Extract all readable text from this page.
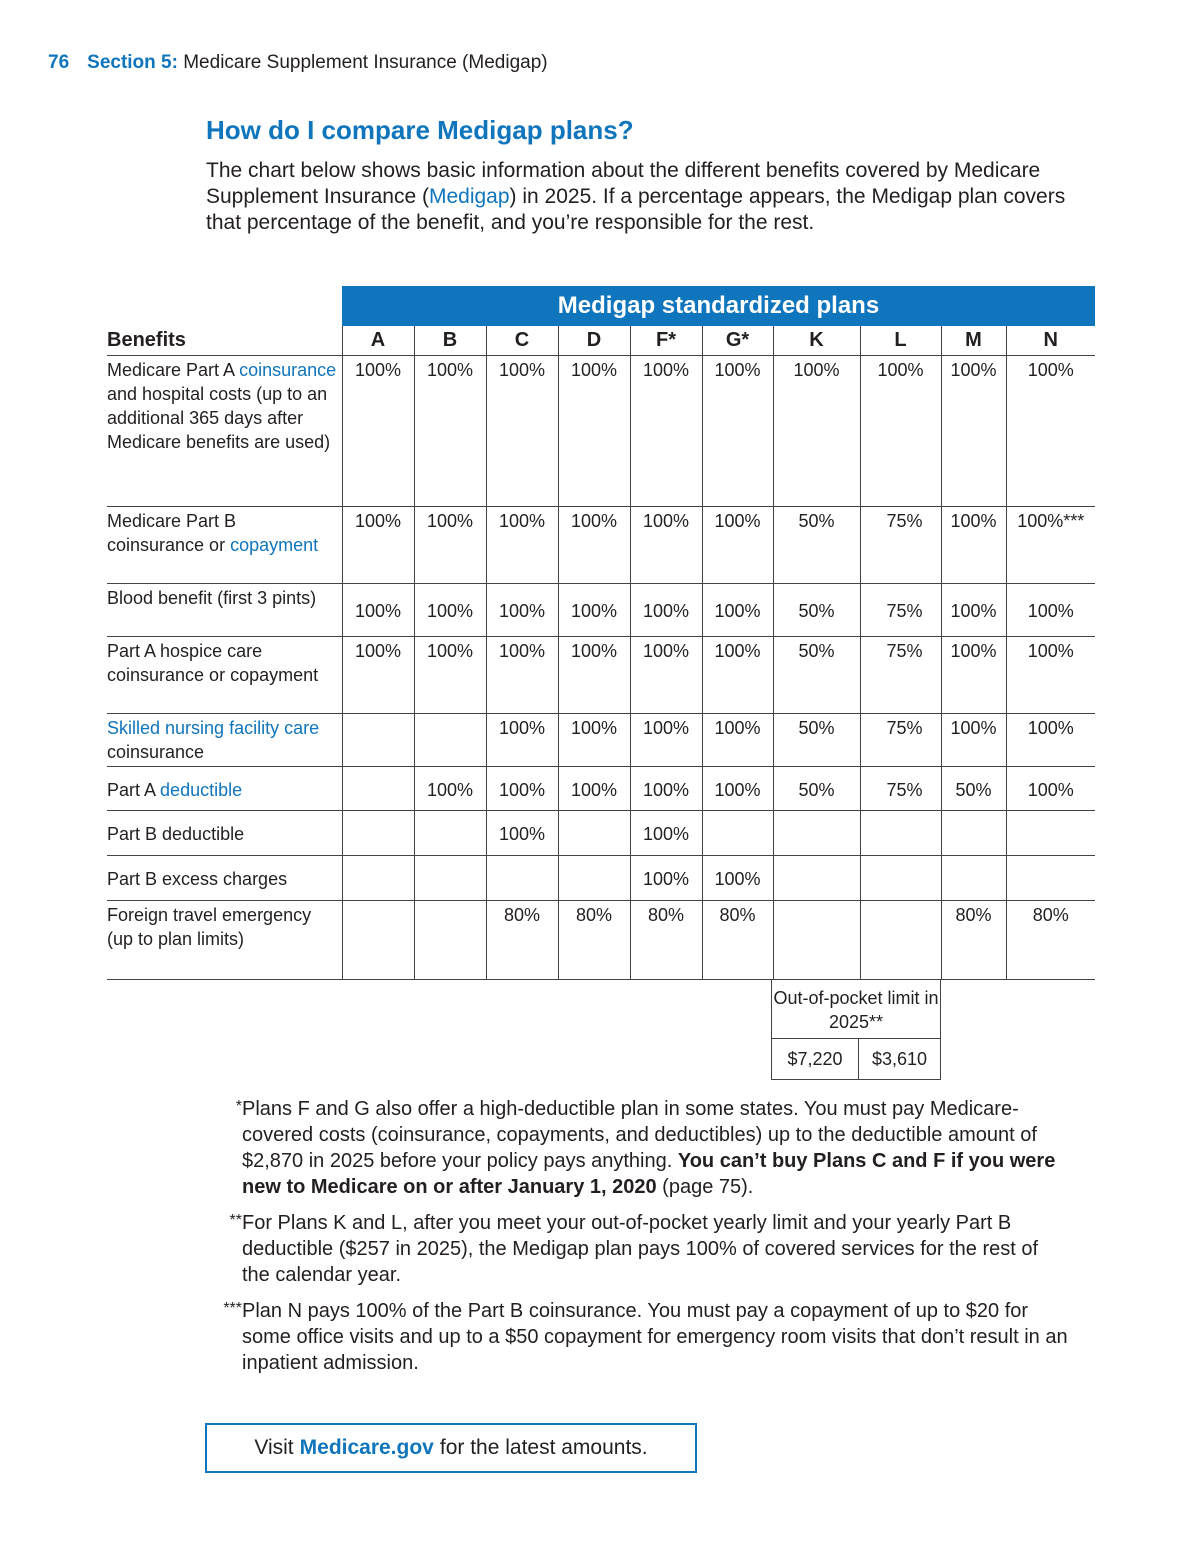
76 Section 5: Medicare Supplement Insurance (Medigap)
How do I compare Medigap plans?
The chart below shows basic information about the different benefits covered by Medicare Supplement Insurance (Medigap) in 2025. If a percentage appears, the Medigap plan covers that percentage of the benefit, and you’re responsible for the rest.
Medigap standardized plans
Benefits	A	B	C	D	F*	G*	K	L	M	N
Medicare Part A coinsurance and hospital costs (up to an additional 365 days after Medicare benefits are used)	100%	100%	100%	100%	100%	100%	100%	100%	100%	100%
Medicare Part B coinsurance or copayment	100%	100%	100%	100%	100%	100%	50%	75%	100%	100%***
Blood benefit (first 3 pints)	100%	100%	100%	100%	100%	100%	50%	75%	100%	100%
Part A hospice care coinsurance or copayment	100%	100%	100%	100%	100%	100%	50%	75%	100%	100%
Skilled nursing facility care coinsurance			100%	100%	100%	100%	50%	75%	100%	100%
Part A deductible		100%	100%	100%	100%	100%	50%	75%	50%	100%
Part B deductible			100%		100%					
Part B excess charges					100%	100%				
Foreign travel emergency (up to plan limits)			80%	80%	80%	80%			80%	80%
Out-of-pocket limit in 2025**
$7,220	$3,610
* Plans F and G also offer a high-deductible plan in some states. You must pay Medicare-covered costs (coinsurance, copayments, and deductibles) up to the deductible amount of $2,870 in 2025 before your policy pays anything. You can’t buy Plans C and F if you were new to Medicare on or after January 1, 2020 (page 75).
** For Plans K and L, after you meet your out-of-pocket yearly limit and your yearly Part B deductible ($257 in 2025), the Medigap plan pays 100% of covered services for the rest of the calendar year.
*** Plan N pays 100% of the Part B coinsurance. You must pay a copayment of up to $20 for some office visits and up to a $50 copayment for emergency room visits that don’t result in an inpatient admission.
Visit Medicare.gov for the latest amounts.
